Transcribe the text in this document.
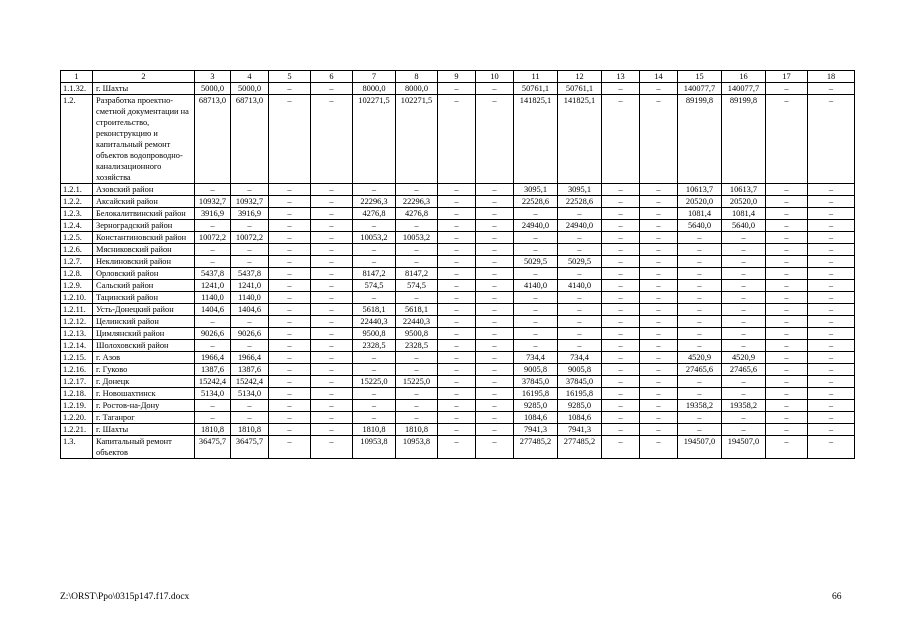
1	2	3	4	5	6	7	8	9	10	11	12	13	14	15	16	17	18
1.1.32.	г. Шахты	5000,0	5000,0	–	–	8000,0	8000,0	–	–	50761,1	50761,1	–	–	140077,7	140077,7	–	–
1.2.	Разработка проектно-сметной документации на строительство, реконструкцию и капитальный ремонт объектов водопроводно-канализационного хозяйства	68713,0	68713,0	–	–	102271,5	102271,5	–	–	141825,1	141825,1	–	–	89199,8	89199,8	–	–
1.2.1.	Азовский район	–	–	–	–	–	–	–	–	3095,1	3095,1	–	–	10613,7	10613,7	–	–
1.2.2.	Аксайский район	10932,7	10932,7	–	–	22296,3	22296,3	–	–	22528,6	22528,6	–	–	20520,0	20520,0	–	–
1.2.3.	Белокалитвинский район	3916,9	3916,9	–	–	4276,8	4276,8	–	–	–	–	–	–	1081,4	1081,4	–	–
1.2.4.	Зерноградский район	–	–	–	–	–	–	–	–	24940,0	24940,0	–	–	5640,0	5640,0	–	–
1.2.5.	Константиновский район	10072,2	10072,2	–	–	10053,2	10053,2	–	–	–	–	–	–	–	–	–	–
1.2.6.	Мясниковский район	–	–	–	–	–	–	–	–	–	–	–	–	–	–	–	–
1.2.7.	Неклиновский район	–	–	–	–	–	–	–	–	5029,5	5029,5	–	–	–	–	–	–
1.2.8.	Орловский район	5437,8	5437,8	–	–	8147,2	8147,2	–	–	–	–	–	–	–	–	–	–
1.2.9.	Сальский район	1241,0	1241,0	–	–	574,5	574,5	–	–	4140,0	4140,0	–	–	–	–	–	–
1.2.10.	Тацинский район	1140,0	1140,0	–	–	–	–	–	–	–	–	–	–	–	–	–	–
1.2.11.	Усть-Донецкий район	1404,6	1404,6	–	–	5618,1	5618,1	–	–	–	–	–	–	–	–	–	–
1.2.12.	Целинский район	–	–	–	–	22440,3	22440,3	–	–	–	–	–	–	–	–	–	–
1.2.13.	Цимлянский район	9026,6	9026,6	–	–	9500,8	9500,8	–	–	–	–	–	–	–	–	–	–
1.2.14.	Шолоховский район	–	–	–	–	2328,5	2328,5	–	–	–	–	–	–	–	–	–	–
1.2.15.	г. Азов	1966,4	1966,4	–	–	–	–	–	–	734,4	734,4	–	–	4520,9	4520,9	–	–
1.2.16.	г. Гуково	1387,6	1387,6	–	–	–	–	–	–	9005,8	9005,8	–	–	27465,6	27465,6	–	–
1.2.17.	г. Донецк	15242,4	15242,4	–	–	15225,0	15225,0	–	–	37845,0	37845,0	–	–	–	–	–	–
1.2.18.	г. Новошахтинск	5134,0	5134,0	–	–	–	–	–	–	16195,8	16195,8	–	–	–	–	–	–
1.2.19.	г. Ростов-на-Дону	–	–	–	–	–	–	–	–	9285,0	9285,0	–	–	19358,2	19358,2	–	–
1.2.20.	г. Таганрог	–	–	–	–	–	–	–	–	1084,6	1084,6	–	–	–	–	–	–
1.2.21.	г. Шахты	1810,8	1810,8	–	–	1810,8	1810,8	–	–	7941,3	7941,3	–	–	–	–	–	–
1.3.	Капитальный ремонт объектов	36475,7	36475,7	–	–	10953,8	10953,8	–	–	277485,2	277485,2	–	–	194507,0	194507,0	–	–
Z:\ORST\Ppo\0315p147.f17.docx	66
